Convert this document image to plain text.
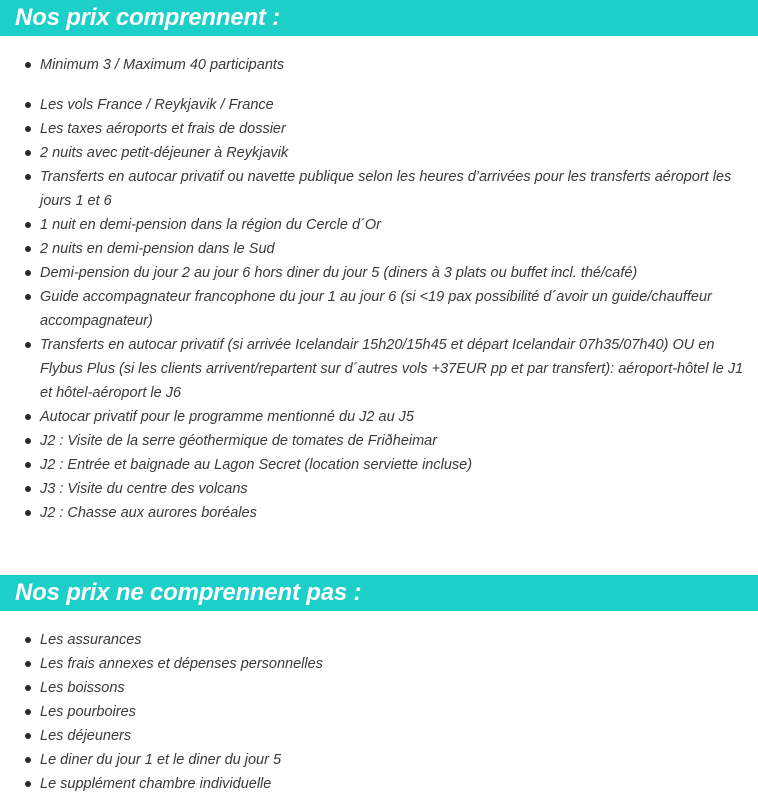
Nos prix comprennent :
Minimum 3 / Maximum 40 participants
Les vols France / Reykjavik / France
Les taxes aéroports et frais de dossier
2 nuits avec petit-déjeuner à Reykjavik
Transferts en autocar privatif ou navette publique selon les heures d’arrivées pour les transferts aéroport les jours 1 et 6
1 nuit en demi-pension dans la région du Cercle d´Or
2 nuits en demi-pension dans le Sud
Demi-pension du jour 2 au jour 6 hors diner du jour 5 (diners à 3 plats ou buffet incl. thé/café)
Guide accompagnateur francophone du jour 1 au jour 6 (si <19 pax possibilité d´avoir un guide/chauffeur accompagnateur)
Transferts en autocar privatif (si arrivée Icelandair 15h20/15h45 et départ Icelandair 07h35/07h40) OU en Flybus Plus (si les clients arrivent/repartent sur d´autres vols +37EUR pp et par transfert): aéroport-hôtel le J1 et hôtel-aéroport le J6
Autocar privatif pour le programme mentionné du J2 au J5
J2 : Visite de la serre géothermique de tomates de Friðheimar
J2 : Entrée et baignade au Lagon Secret (location serviette incluse)
J3 : Visite du centre des volcans
J2 : Chasse aux aurores boréales
Nos prix ne comprennent pas :
Les assurances
Les frais annexes et dépenses personnelles
Les boissons
Les pourboires
Les déjeuners
Le diner du jour 1 et le diner du jour 5
Le supplément chambre individuelle
